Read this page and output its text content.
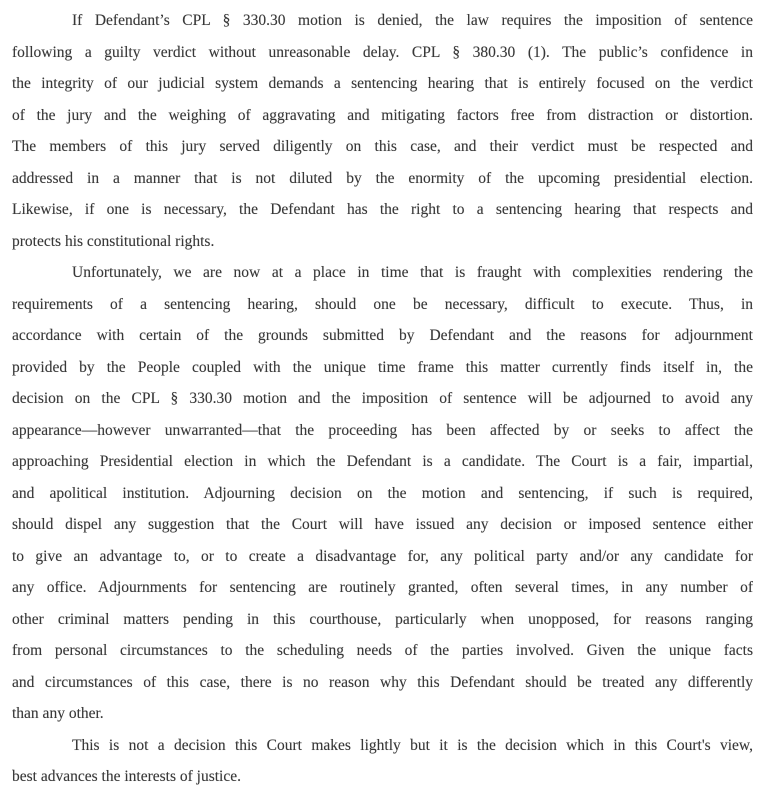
If Defendant’s CPL § 330.30 motion is denied, the law requires the imposition of sentence
following a guilty verdict without unreasonable delay. CPL § 380.30 (1). The public’s confidence in
the integrity of our judicial system demands a sentencing hearing that is entirely focused on the verdict
of the jury and the weighing of aggravating and mitigating factors free from distraction or distortion.
The members of this jury served diligently on this case, and their verdict must be respected and
addressed in a manner that is not diluted by the enormity of the upcoming presidential election.
Likewise, if one is necessary, the Defendant has the right to a sentencing hearing that respects and
protects his constitutional rights.
Unfortunately, we are now at a place in time that is fraught with complexities rendering the
requirements of a sentencing hearing, should one be necessary, difficult to execute. Thus, in
accordance with certain of the grounds submitted by Defendant and the reasons for adjournment
provided by the People coupled with the unique time frame this matter currently finds itself in, the
decision on the CPL § 330.30 motion and the imposition of sentence will be adjourned to avoid any
appearance—however unwarranted—that the proceeding has been affected by or seeks to affect the
approaching Presidential election in which the Defendant is a candidate. The Court is a fair, impartial,
and apolitical institution. Adjourning decision on the motion and sentencing, if such is required,
should dispel any suggestion that the Court will have issued any decision or imposed sentence either
to give an advantage to, or to create a disadvantage for, any political party and/or any candidate for
any office. Adjournments for sentencing are routinely granted, often several times, in any number of
other criminal matters pending in this courthouse, particularly when unopposed, for reasons ranging
from personal circumstances to the scheduling needs of the parties involved. Given the unique facts
and circumstances of this case, there is no reason why this Defendant should be treated any differently
than any other.
This is not a decision this Court makes lightly but it is the decision which in this Court's view,
best advances the interests of justice.
